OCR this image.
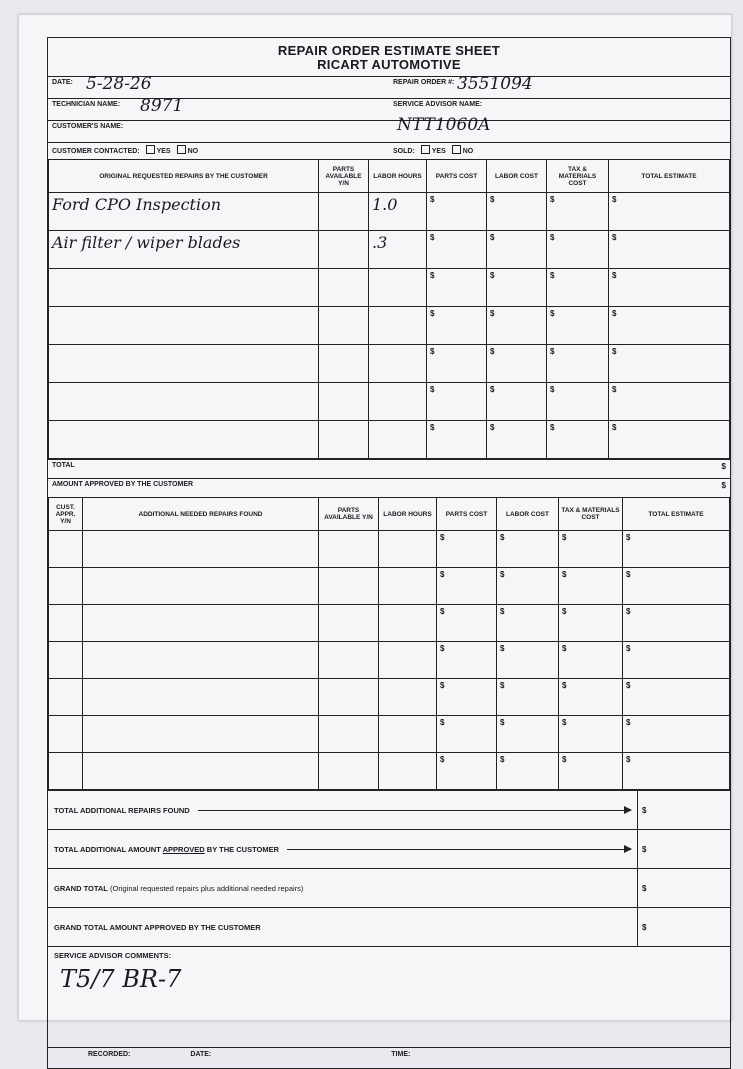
REPAIR ORDER ESTIMATE SHEET
RICART AUTOMOTIVE
DATE: 5-28-26	REPAIR ORDER #: 3551094
TECHNICIAN NAME: 8971	SERVICE ADVISOR NAME:
CUSTOMER'S NAME:	NTT1060A
CUSTOMER CONTACTED: YES NO	SOLD: YES NO
ORIGINAL REQUESTED REPAIRS BY THE CUSTOMER	PARTS AVAILABLE Y/N	LABOR HOURS	PARTS COST	LABOR COST	TAX & MATERIALS COST	TOTAL ESTIMATE
Ford CPO Inspection		1.0	$	$	$	$
Air filter / wiper blades		.3	$	$	$	$
			$	$	$	$
			$	$	$	$
			$	$	$	$
			$	$	$	$
			$	$	$	$
TOTAL	$
AMOUNT APPROVED BY THE CUSTOMER	$
CUST. APPR. Y/N	ADDITIONAL NEEDED REPAIRS FOUND	PARTS AVAILABLE Y/N	LABOR HOURS	PARTS COST	LABOR COST	TAX & MATERIALS COST	TOTAL ESTIMATE
				$	$	$	$
				$	$	$	$
				$	$	$	$
				$	$	$	$
				$	$	$	$
				$	$	$	$
				$	$	$	$
TOTAL ADDITIONAL REPAIRS FOUND	$
TOTAL ADDITIONAL AMOUNT APPROVED BY THE CUSTOMER	$
GRAND TOTAL
(Original requested repairs plus additional needed repairs)	$
GRAND TOTAL AMOUNT APPROVED BY THE CUSTOMER	$
SERVICE ADVISOR COMMENTS:
T5/7 BR-7
RECORDED:	DATE:	TIME:
